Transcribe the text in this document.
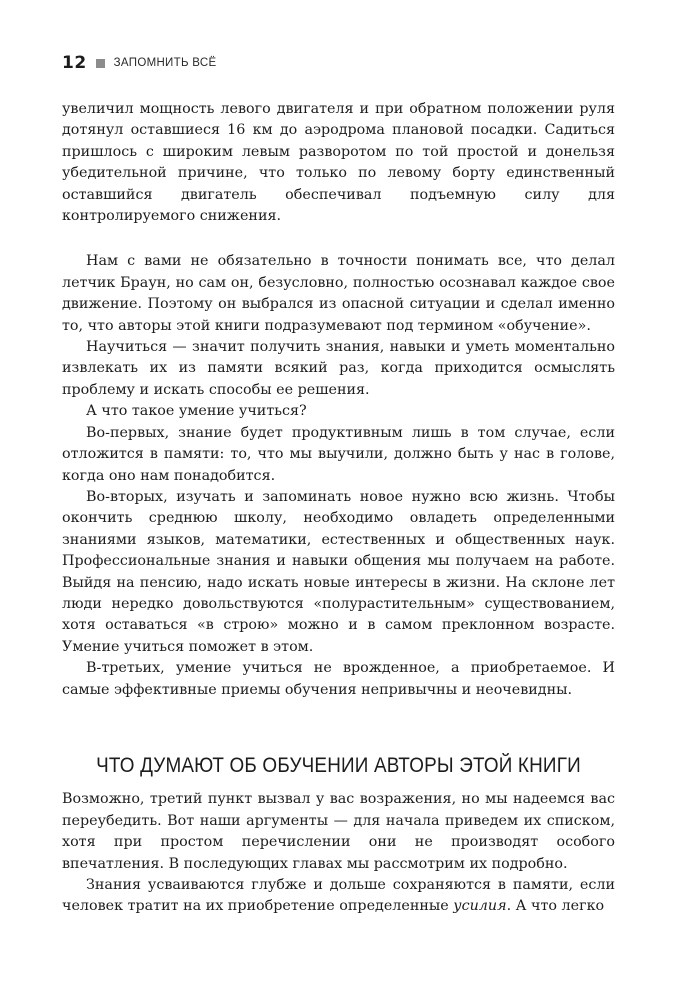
12 ЗАПОМНИТЬ ВСЁ

увеличил мощность левого двигателя и при обратном положении руля дотянул оставшиеся 16 км до аэродрома плановой посадки. Садиться пришлось с широким левым разворотом по той простой и донельзя убедительной причине, что только по левому борту единственный оставшийся двигатель обеспечивал подъемную силу для контролируемого снижения.

Нам с вами не обязательно в точности понимать все, что делал летчик Браун, но сам он, безусловно, полностью осознавал каждое свое движение. Поэтому он выбрался из опасной ситуации и сделал именно то, что авторы этой книги подразумевают под термином «обучение».

Научиться — значит получить знания, навыки и уметь моментально извлекать их из памяти всякий раз, когда приходится осмыслять проблему и искать способы ее решения.

А что такое умение учиться?

Во-первых, знание будет продуктивным лишь в том случае, если отложится в памяти: то, что мы выучили, должно быть у нас в голове, когда оно нам понадобится.

Во-вторых, изучать и запоминать новое нужно всю жизнь. Чтобы окончить среднюю школу, необходимо овладеть определенными знаниями языков, математики, естественных и общественных наук. Профессиональные знания и навыки общения мы получаем на работе. Выйдя на пенсию, надо искать новые интересы в жизни. На склоне лет люди нередко довольствуются «полурастительным» существованием, хотя оставаться «в строю» можно и в самом преклонном возрасте. Умение учиться поможет в этом.

В-третьих, умение учиться не врожденное, а приобретаемое. И самые эффективные приемы обучения непривычны и неочевидны.

ЧТО ДУМАЮТ ОБ ОБУЧЕНИИ АВТОРЫ ЭТОЙ КНИГИ

Возможно, третий пункт вызвал у вас возражения, но мы надеемся вас переубедить. Вот наши аргументы — для начала приведем их списком, хотя при простом перечислении они не производят особого впечатления. В последующих главах мы рассмотрим их подробно.

Знания усваиваются глубже и дольше сохраняются в памяти, если человек тратит на их приобретение определенные усилия. А что легко
